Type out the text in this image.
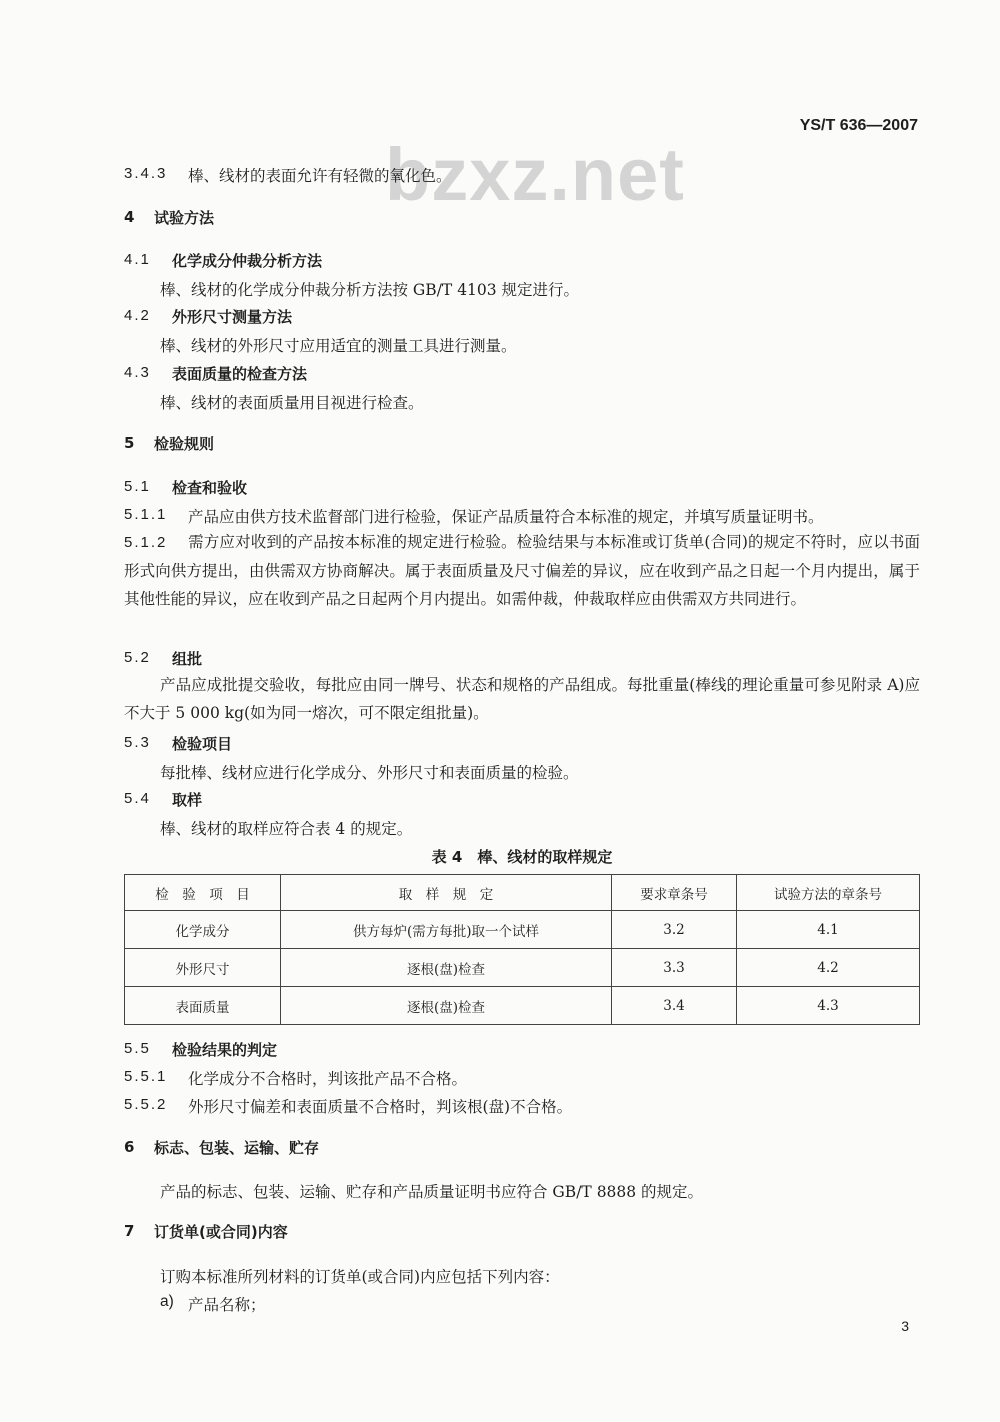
YS/T 636—2007
bzxz.net
3.4.3 棒、线材的表面允许有轻微的氧化色。
4 试验方法
4.1 化学成分仲裁分析方法
棒、线材的化学成分仲裁分析方法按 GB/T 4103 规定进行。
4.2 外形尺寸测量方法
棒、线材的外形尺寸应用适宜的测量工具进行测量。
4.3 表面质量的检查方法
棒、线材的表面质量用目视进行检查。
5 检验规则
5.1 检查和验收
5.1.1 产品应由供方技术监督部门进行检验，保证产品质量符合本标准的规定，并填写质量证明书。
5.1.2 需方应对收到的产品按本标准的规定进行检验。检验结果与本标准或订货单(合同)的规定不符时，应以书面形式向供方提出，由供需双方协商解决。属于表面质量及尺寸偏差的异议，应在收到产品之日起一个月内提出，属于其他性能的异议，应在收到产品之日起两个月内提出。如需仲裁，仲裁取样应由供需双方共同进行。
5.2 组批
产品应成批提交验收，每批应由同一牌号、状态和规格的产品组成。每批重量(棒线的理论重量可参见附录 A)应不大于 5 000 kg(如为同一熔次，可不限定组批量)。
5.3 检验项目
每批棒、线材应进行化学成分、外形尺寸和表面质量的检验。
5.4 取样
棒、线材的取样应符合表 4 的规定。
表 4　棒、线材的取样规定
检　验　项　目	取　样　规　定	要求章条号	试验方法的章条号
化学成分	供方每炉(需方每批)取一个试样	3.2	4.1
外形尺寸	逐根(盘)检查	3.3	4.2
表面质量	逐根(盘)检查	3.4	4.3
5.5 检验结果的判定
5.5.1 化学成分不合格时，判该批产品不合格。
5.5.2 外形尺寸偏差和表面质量不合格时，判该根(盘)不合格。
6 标志、包装、运输、贮存
产品的标志、包装、运输、贮存和产品质量证明书应符合 GB/T 8888 的规定。
7 订货单(或合同)内容
订购本标准所列材料的订货单(或合同)内应包括下列内容：
a) 产品名称；
3
